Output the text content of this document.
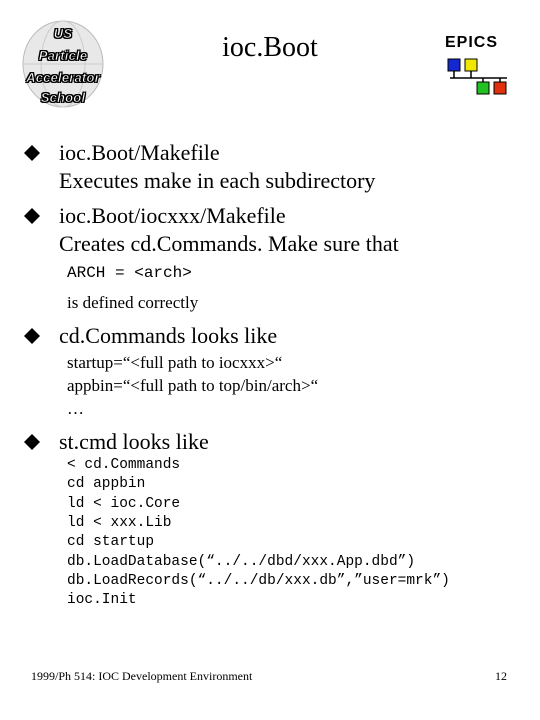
US
Particle
Accelerator
School
ioc.Boot	EPICS
ioc.Boot/Makefile
Executes make in each subdirectory
ioc.Boot/iocxxx/Makefile
Creates cd.Commands. Make sure that
ARCH = <arch>
is defined correctly
cd.Commands looks like
startup=“<full path to iocxxx>“
appbin=“<full path to top/bin/arch>“
…
st.cmd looks like
< cd.Commands
cd appbin
ld < ioc.Core
ld < xxx.Lib
cd startup
db.LoadDatabase(“../../dbd/xxx.App.dbd”)
db.LoadRecords(“../../db/xxx.db”,”user=mrk”)
ioc.Init
1999/Ph 514: IOC Development Environment	12
